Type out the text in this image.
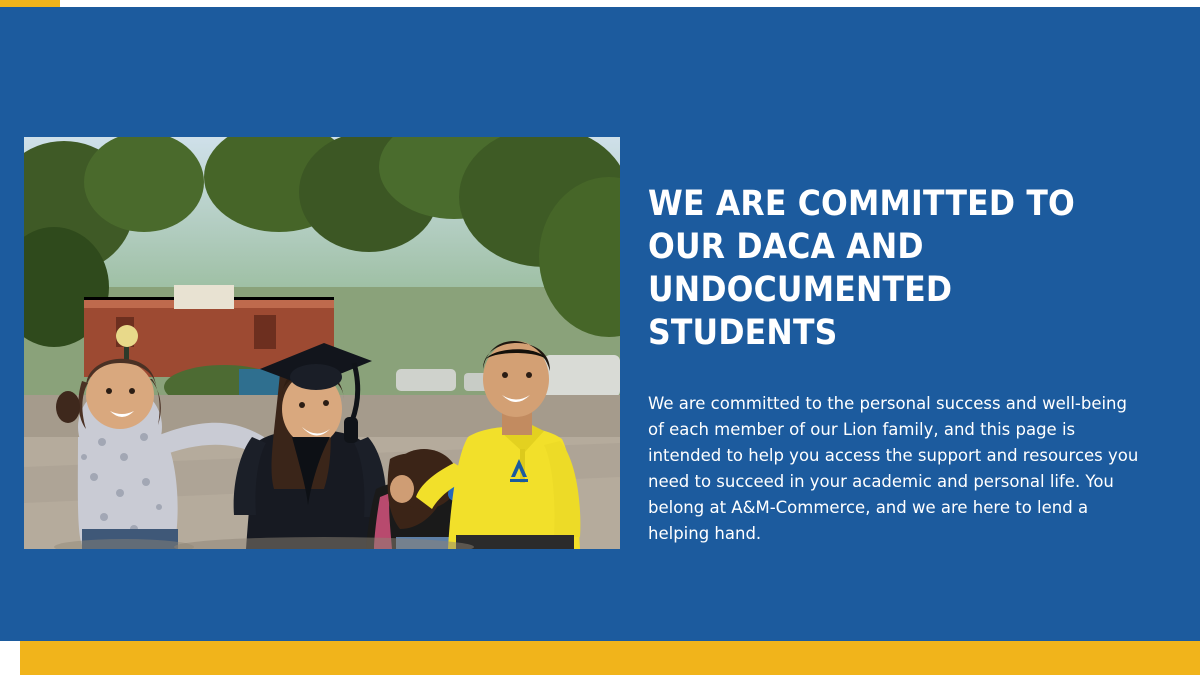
WE ARE COMMITTED TO OUR DACA AND UNDOCUMENTED STUDENTS

We are committed to the personal success and well-being of each member of our Lion family, and this page is intended to help you access the support and resources you need to succeed in your academic and personal life. You belong at A&M-Commerce, and we are here to lend a helping hand.
